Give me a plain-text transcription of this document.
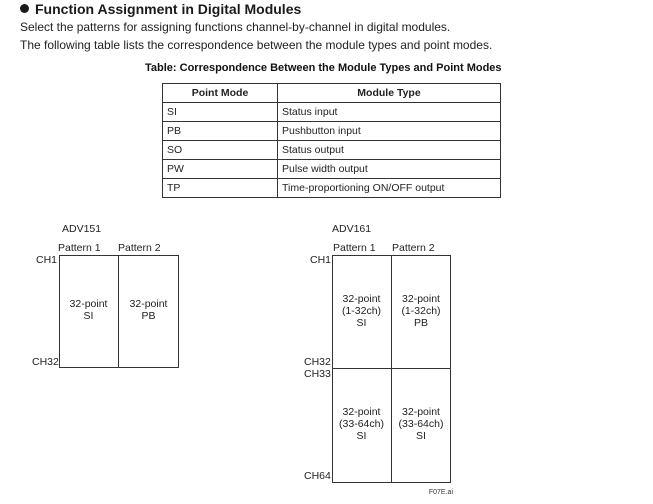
Function Assignment in Digital Modules
Select the patterns for assigning functions channel-by-channel in digital modules.
The following table lists the correspondence between the module types and point modes.
Table: Correspondence Between the Module Types and Point Modes
Point Mode	Module Type
SI	Status input
PB	Pushbutton input
SO	Status output
PW	Pulse width output
TP	Time-proportioning ON/OFF output
ADV151
Pattern 1 Pattern 2
CH1
CH32
32-point
SI
32-point
PB
ADV161
Pattern 1 Pattern 2
CH1
CH32
CH33
CH64
32-point
(1-32ch)
SI
32-point
(1-32ch)
PB
32-point
(33-64ch)
SI
32-point
(33-64ch)
SI
F07E.ai
